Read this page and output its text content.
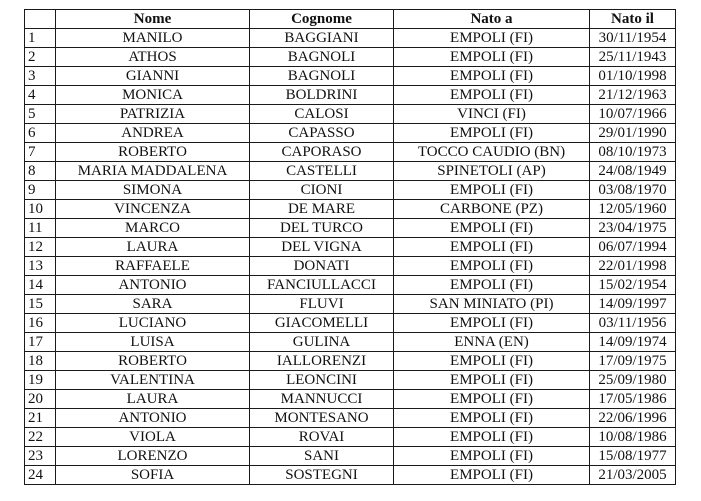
	Nome	Cognome	Nato a	Nato il
1	MANILO	BAGGIANI	EMPOLI (FI)	30/11/1954
2	ATHOS	BAGNOLI	EMPOLI (FI)	25/11/1943
3	GIANNI	BAGNOLI	EMPOLI (FI)	01/10/1998
4	MONICA	BOLDRINI	EMPOLI (FI)	21/12/1963
5	PATRIZIA	CALOSI	VINCI (FI)	10/07/1966
6	ANDREA	CAPASSO	EMPOLI (FI)	29/01/1990
7	ROBERTO	CAPORASO	TOCCO CAUDIO (BN)	08/10/1973
8	MARIA MADDALENA	CASTELLI	SPINETOLI (AP)	24/08/1949
9	SIMONA	CIONI	EMPOLI (FI)	03/08/1970
10	VINCENZA	DE MARE	CARBONE (PZ)	12/05/1960
11	MARCO	DEL TURCO	EMPOLI (FI)	23/04/1975
12	LAURA	DEL VIGNA	EMPOLI (FI)	06/07/1994
13	RAFFAELE	DONATI	EMPOLI (FI)	22/01/1998
14	ANTONIO	FANCIULLACCI	EMPOLI (FI)	15/02/1954
15	SARA	FLUVI	SAN MINIATO (PI)	14/09/1997
16	LUCIANO	GIACOMELLI	EMPOLI (FI)	03/11/1956
17	LUISA	GULINA	ENNA (EN)	14/09/1974
18	ROBERTO	IALLORENZI	EMPOLI (FI)	17/09/1975
19	VALENTINA	LEONCINI	EMPOLI (FI)	25/09/1980
20	LAURA	MANNUCCI	EMPOLI (FI)	17/05/1986
21	ANTONIO	MONTESANO	EMPOLI (FI)	22/06/1996
22	VIOLA	ROVAI	EMPOLI (FI)	10/08/1986
23	LORENZO	SANI	EMPOLI (FI)	15/08/1977
24	SOFIA	SOSTEGNI	EMPOLI (FI)	21/03/2005
